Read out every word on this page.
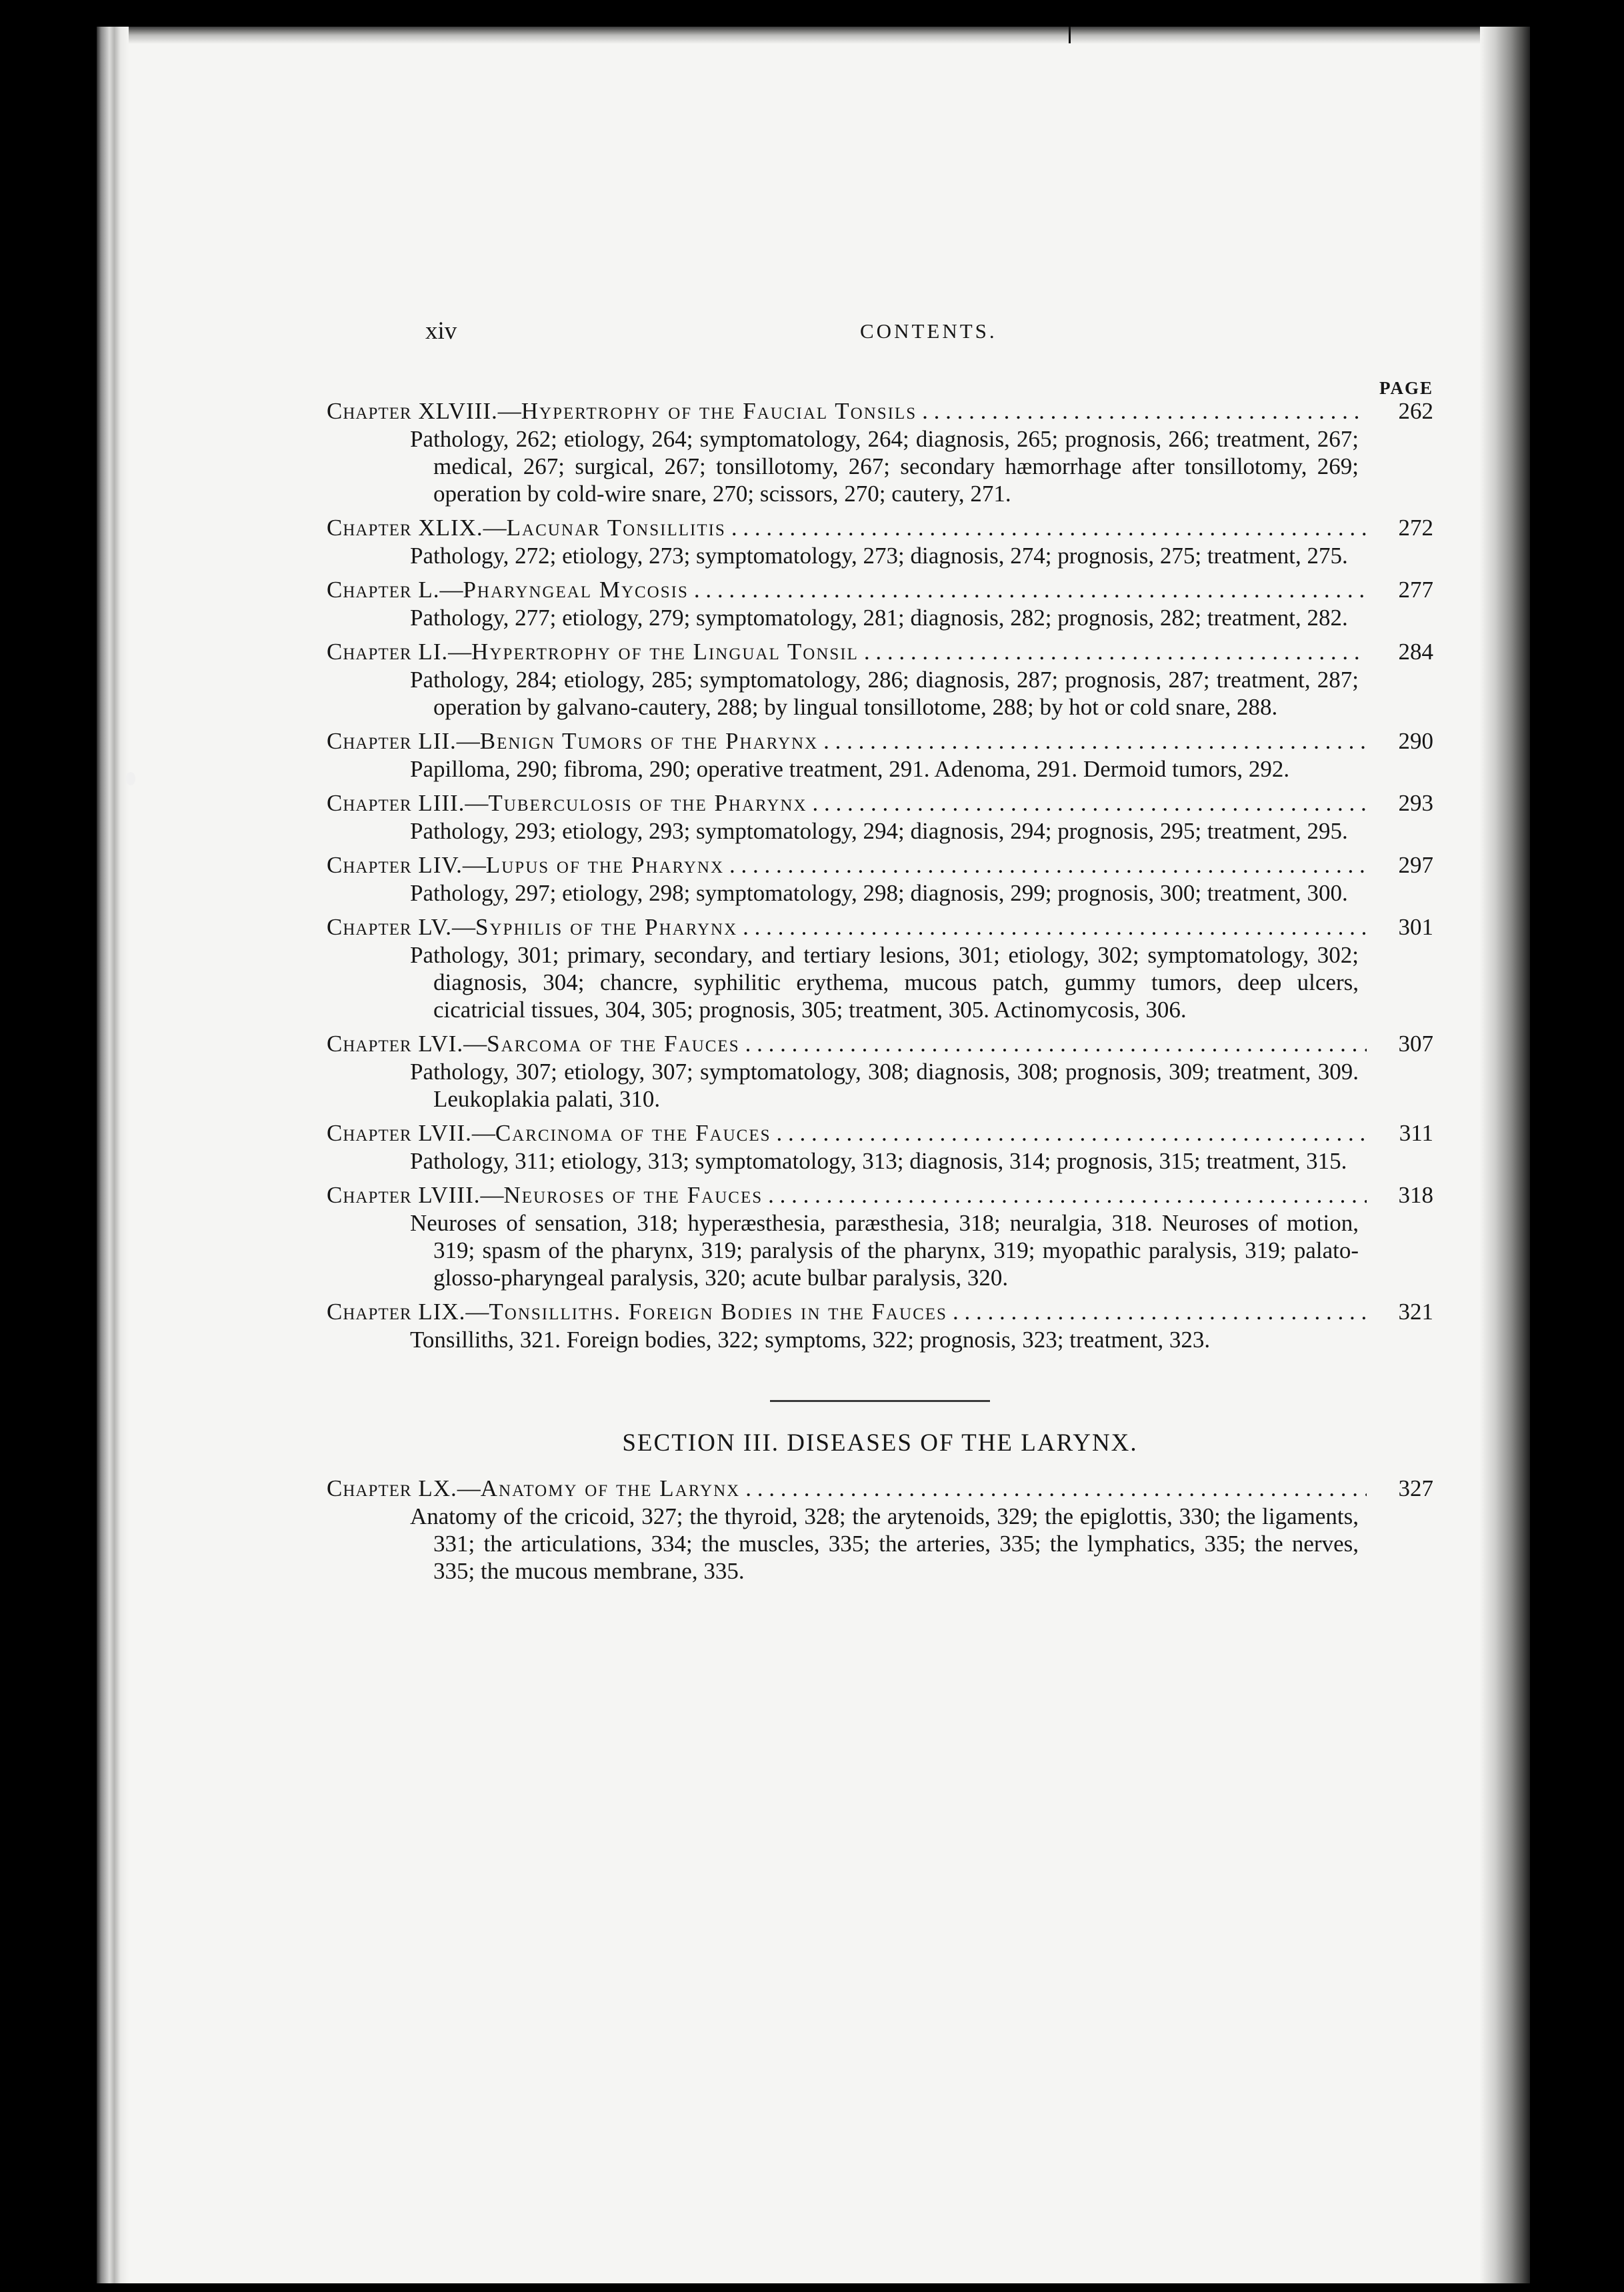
xiv	CONTENTS.
PAGE
Chapter XLVIII. — Hypertrophy of the Faucial Tonsils . . .	262
Pathology, 262; etiology, 264; symptomatology, 264; diagnosis, 265; prognosis, 266; treatment, 267; medical, 267; surgical, 267; tonsillotomy, 267; secondary hæmorrhage after tonsillotomy, 269; operation by cold-wire snare, 270; scissors, 270; cautery, 271.
Chapter XLIX. — Lacunar Tonsillitis . . .	272
Pathology, 272; etiology, 273; symptomatology, 273; diagnosis, 274; prognosis, 275; treatment, 275.
Chapter L. — Pharyngeal Mycosis . . .	277
Pathology, 277; etiology, 279; symptomatology, 281; diagnosis, 282; prognosis, 282; treatment, 282.
Chapter LI. — Hypertrophy of the Lingual Tonsil . . .	284
Pathology, 284; etiology, 285; symptomatology, 286; diagnosis, 287; prognosis, 287; treatment, 287; operation by galvano-cautery, 288; by lingual tonsillotome, 288; by hot or cold snare, 288.
Chapter LII. — Benign Tumors of the Pharynx . . .	290
Papilloma, 290; fibroma, 290; operative treatment, 291. Adenoma, 291. Dermoid tumors, 292.
Chapter LIII. — Tuberculosis of the Pharynx . . .	293
Pathology, 293; etiology, 293; symptomatology, 294; diagnosis, 294; prognosis, 295; treatment, 295.
Chapter LIV. — Lupus of the Pharynx . . .	297
Pathology, 297; etiology, 298; symptomatology, 298; diagnosis, 299; prognosis, 300; treatment, 300.
Chapter LV. — Syphilis of the Pharynx . . .	301
Pathology, 301; primary, secondary, and tertiary lesions, 301; etiology, 302; symptomatology, 302; diagnosis, 304; chancre, syphilitic erythema, mucous patch, gummy tumors, deep ulcers, cicatricial tissues, 304, 305; prognosis, 305; treatment, 305. Actinomycosis, 306.
Chapter LVI. — Sarcoma of the Fauces . . .	307
Pathology, 307; etiology, 307; symptomatology, 308; diagnosis, 308; prognosis, 309; treatment, 309. Leukoplakia palati, 310.
Chapter LVII. — Carcinoma of the Fauces . . .	311
Pathology, 311; etiology, 313; symptomatology, 313; diagnosis, 314; prognosis, 315; treatment, 315.
Chapter LVIII. — Neuroses of the Fauces . . .	318
Neuroses of sensation, 318; hyperæsthesia, paræsthesia, 318; neuralgia, 318. Neuroses of motion, 319; spasm of the pharynx, 319; paralysis of the pharynx, 319; myopathic paralysis, 319; palato-glosso-pharyngeal paralysis, 320; acute bulbar paralysis, 320.
Chapter LIX. — Tonsilliths. Foreign Bodies in the Fauces . . .	321
Tonsilliths, 321. Foreign bodies, 322; symptoms, 322; prognosis, 323; treatment, 323.
SECTION III. DISEASES OF THE LARYNX.
Chapter LX. — Anatomy of the Larynx . . .	327
Anatomy of the cricoid, 327; the thyroid, 328; the arytenoids, 329; the epiglottis, 330; the ligaments, 331; the articulations, 334; the muscles, 335; the arteries, 335; the lymphatics, 335; the nerves, 335; the mucous membrane, 335.
